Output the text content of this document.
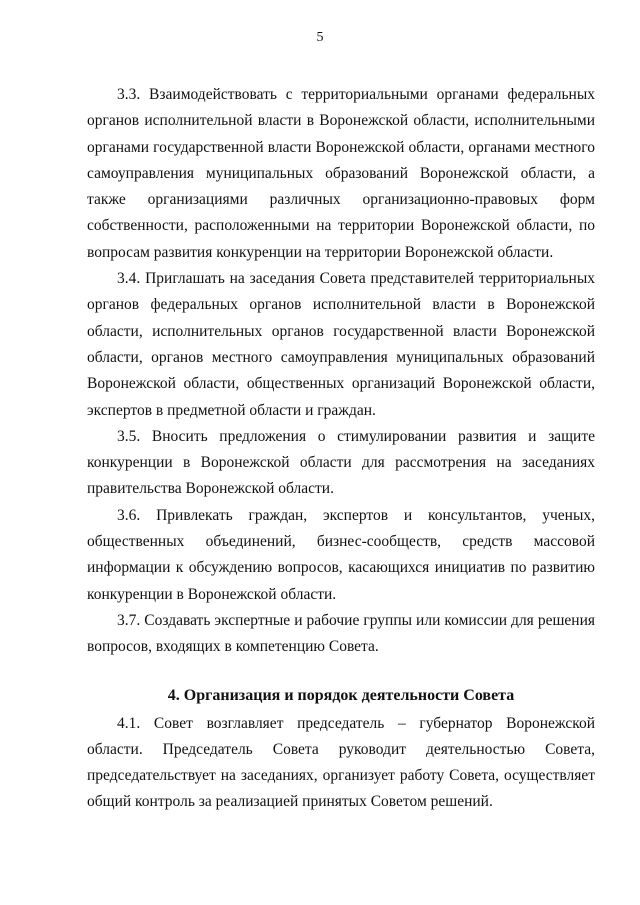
5

3.3. Взаимодействовать с территориальными органами федеральных органов исполнительной власти в Воронежской области, исполнительными органами государственной власти Воронежской области, органами местного самоуправления муниципальных образований Воронежской области, а также организациями различных организационно-правовых форм собственности, расположенными на территории Воронежской области, по вопросам развития конкуренции на территории Воронежской области.

3.4. Приглашать на заседания Совета представителей территориальных органов федеральных органов исполнительной власти в Воронежской области, исполнительных органов государственной власти Воронежской области, органов местного самоуправления муниципальных образований Воронежской области, общественных организаций Воронежской области, экспертов в предметной области и граждан.

3.5. Вносить предложения о стимулировании развития и защите конкуренции в Воронежской области для рассмотрения на заседаниях правительства Воронежской области.

3.6. Привлекать граждан, экспертов и консультантов, ученых, общественных объединений, бизнес-сообществ, средств массовой информации к обсуждению вопросов, касающихся инициатив по развитию конкуренции в Воронежской области.

3.7. Создавать экспертные и рабочие группы или комиссии для решения вопросов, входящих в компетенцию Совета.

4. Организация и порядок деятельности Совета

4.1. Совет возглавляет председатель – губернатор Воронежской области. Председатель Совета руководит деятельностью Совета, председательствует на заседаниях, организует работу Совета, осуществляет общий контроль за реализацией принятых Советом решений.
